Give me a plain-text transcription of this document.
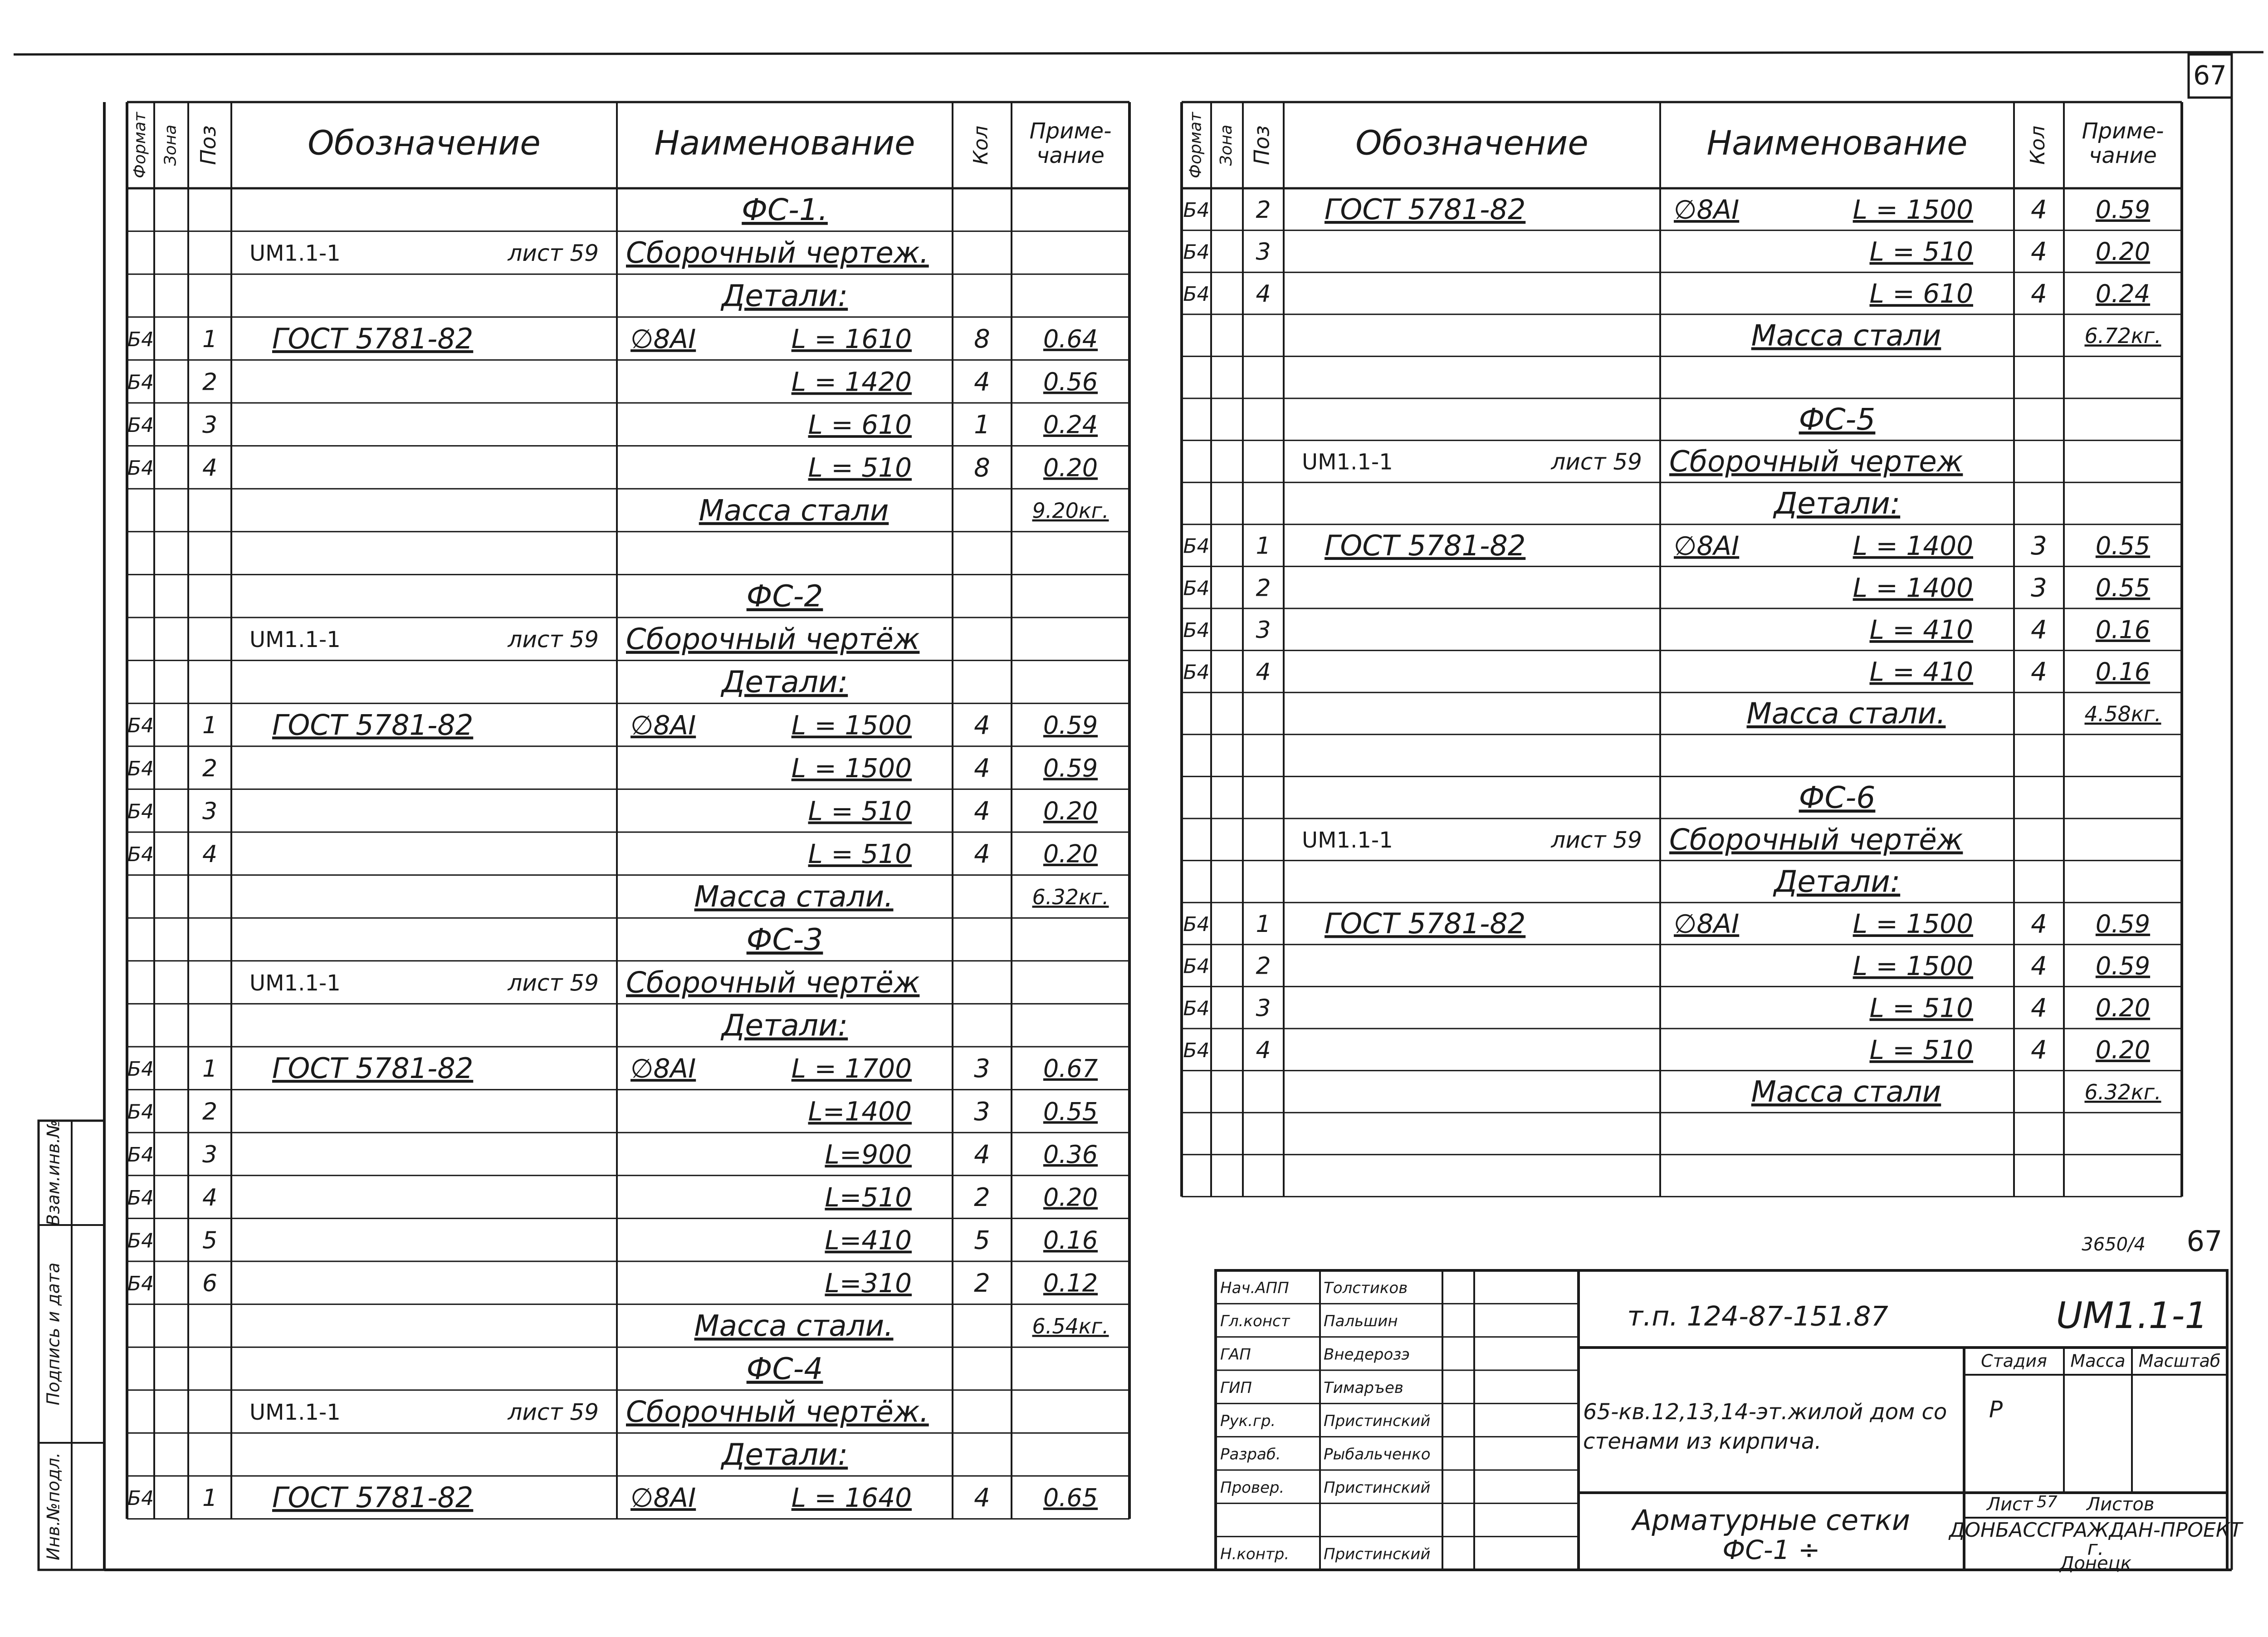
67
67
3650/4
Формат Зона Поз	Обозначение	Наименование	Кол Приме-
чание
ФС-1.
UM1.1-1	лист 59 Сборочный чертеж.
Детали:
Б4 1 ГОСТ 5781-82	∅8АI	L = 1610 8 0.64
Б4 2	L = 1420 4 0.56
Б4 3	L = 610 1 0.24
Б4 4	L = 510 8 0.20
Масса стали	9.20кг.
ФС-2
UM1.1-1	лист 59 Сборочный чертёж
Детали:
Б4 1 ГОСТ 5781-82	∅8АI	L = 1500 4 0.59
Б4 2	L = 1500 4 0.59
Б4 3	L = 510 4 0.20
Б4 4	L = 510 4 0.20
Масса стали.	6.32кг.
ФС-3
UM1.1-1	лист 59 Сборочный чертёж
Детали:
Б4 1 ГОСТ 5781-82	∅8АI	L = 1700 3 0.67
Б4 2	L=1400 3 0.55
Б4 3	L=900 4 0.36
Б4 4	L=510 2 0.20
Б4 5	L=410 5 0.16
Б4 6	L=310 2 0.12
Масса стали.	6.54кг.
ФС-4
UM1.1-1	лист 59 Сборочный чертёж.
Детали:
Б4 1 ГОСТ 5781-82	∅8АI	L = 1640 4 0.65
Формат Зона Поз Обозначение	Наименование	Кол Приме-
чание
Б4 2 ГОСТ 5781-82	∅8АI	L = 1500 4 0.59
Б4 3	L = 510 4 0.20
Б4 4	L = 610 4 0.24
Масса стали	6.72кг.
ФС-5
UM1.1-1	лист 59 Сборочный чертеж
Детали:
Б4 1 ГОСТ 5781-82	∅8АI	L = 1400 3 0.55
Б4 2	L = 1400 3 0.55
Б4 3	L = 410 4 0.16
Б4 4	L = 410 4 0.16
Масса стали.	4.58кг.
ФС-6
UM1.1-1	лист 59 Сборочный чертёж
Детали:
Б4 1 ГОСТ 5781-82	∅8АI	L = 1500 4 0.59
Б4 2	L = 1500 4 0.59
Б4 3	L = 510 4 0.20
Б4 4	L = 510 4 0.20
Масса стали	6.32кг.
Нач.АПП Толстиков
Гл.конст Пальшин
ГАП	Внедерозэ
ГИП	Тимаръев
Рук.гр.	Пристинский
Разраб.	Рыбальченко
Провер.	Пристинский
Н.контр. Пристинский
т.п. 124-87-151.87	UM1.1-1
65-кв.12,13,14-эт.жилой дом со
стенами из кирпича.
Арматурные сетки
ФС-1 ÷
Стадия Масса Масштаб
Р
Лист 57 Листов
ДОНБАССГРАЖДАН-ПРОЕКТ
г.
Донецк
Инв.№подл.
Подпись и дата
Взам.инв.№
